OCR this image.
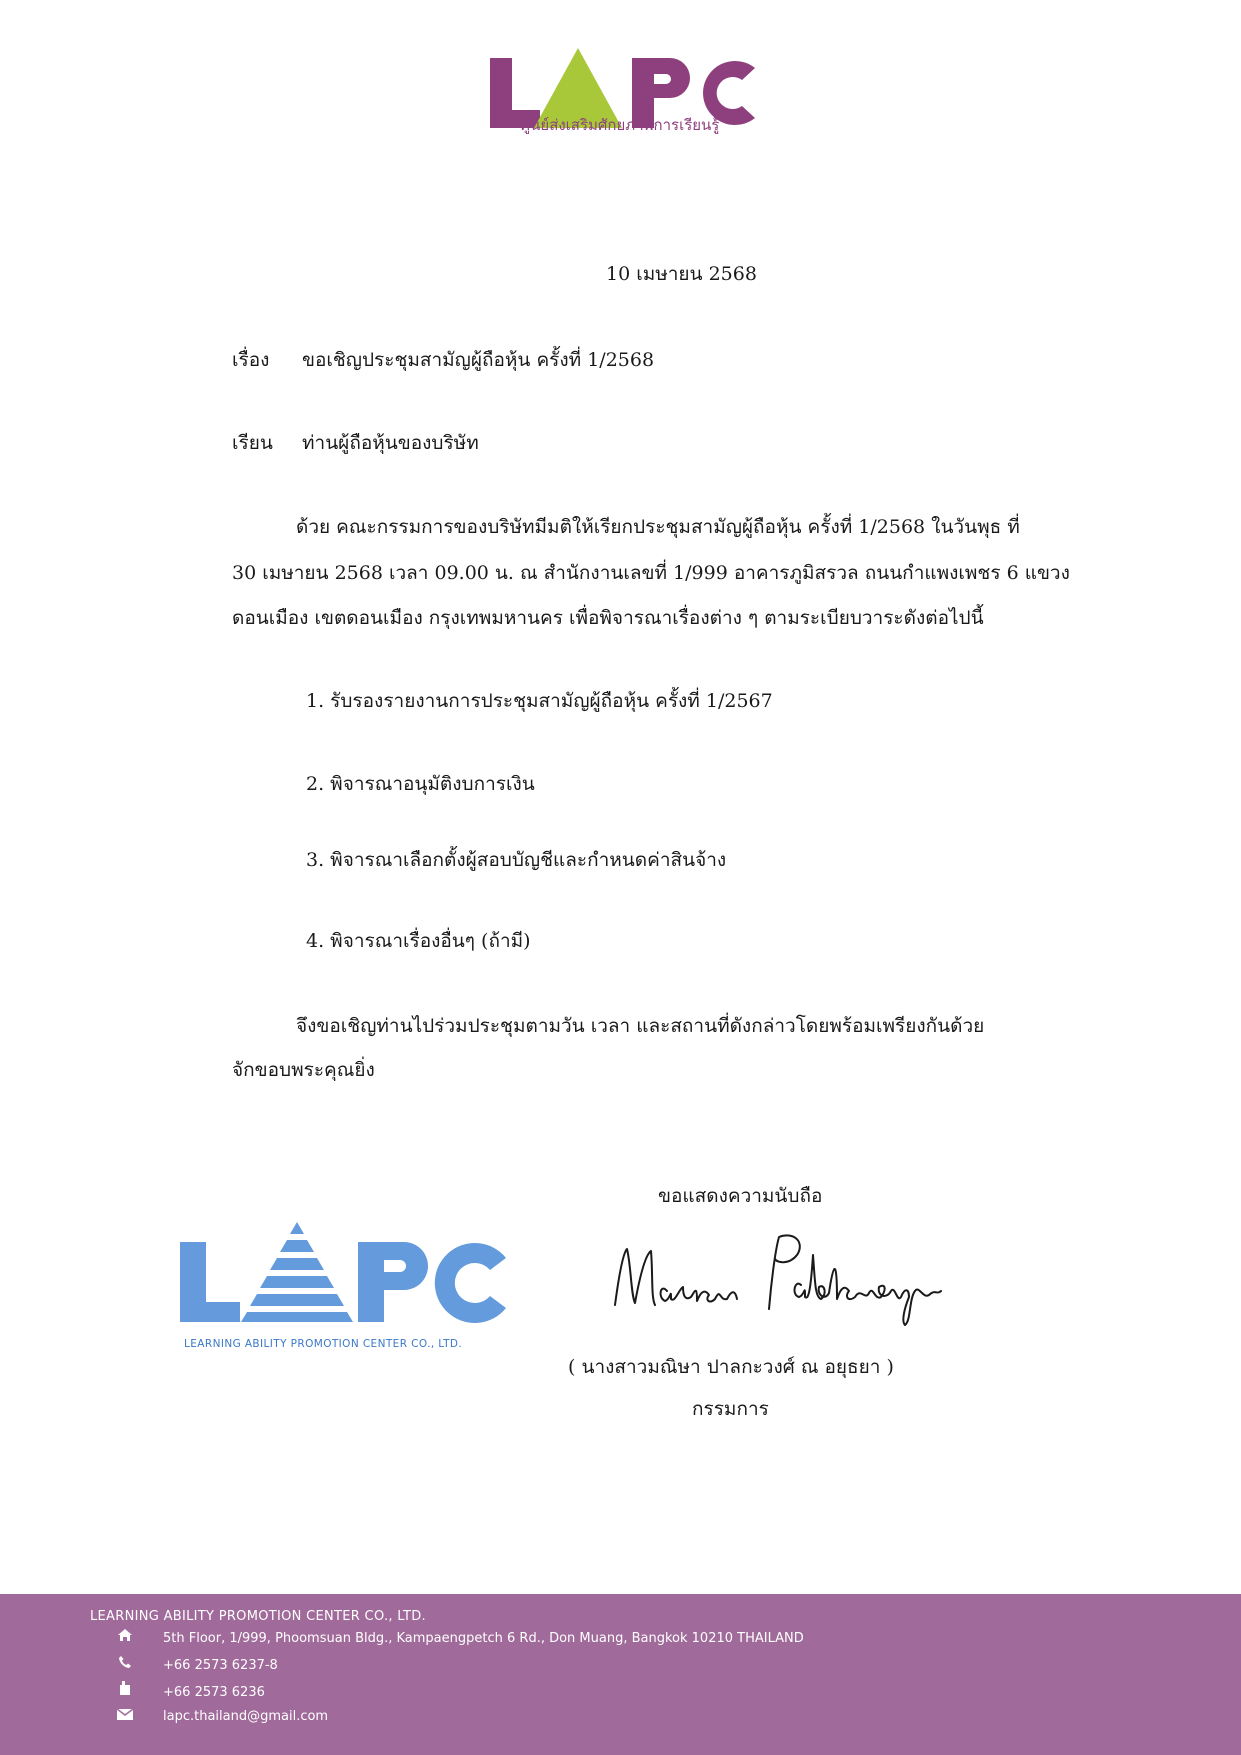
ศูนย์ส่งเสริมศักยภาพการเรียนรู้
10 เมษายน 2568
เรื่อง ขอเชิญประชุมสามัญผู้ถือหุ้น ครั้งที่ 1/2568
เรียน ท่านผู้ถือหุ้นของบริษัท
ด้วย คณะกรรมการของบริษัทมีมติให้เรียกประชุมสามัญผู้ถือหุ้น ครั้งที่ 1/2568 ในวันพุธ ที่
30 เมษายน 2568 เวลา 09.00 น. ณ สำนักงานเลขที่ 1/999 อาคารภูมิสรวล ถนนกำแพงเพชร 6 แขวง
ดอนเมือง เขตดอนเมือง กรุงเทพมหานคร เพื่อพิจารณาเรื่องต่าง ๆ ตามระเบียบวาระดังต่อไปนี้
1. รับรองรายงานการประชุมสามัญผู้ถือหุ้น ครั้งที่ 1/2567
2. พิจารณาอนุมัติงบการเงิน
3. พิจารณาเลือกตั้งผู้สอบบัญชีและกำหนดค่าสินจ้าง
4. พิจารณาเรื่องอื่นๆ (ถ้ามี)
จึงขอเชิญท่านไปร่วมประชุมตามวัน เวลา และสถานที่ดังกล่าวโดยพร้อมเพรียงกันด้วย
จักขอบพระคุณยิ่ง
ขอแสดงความนับถือ
LEARNING ABILITY PROMOTION CENTER CO., LTD.
( นางสาวมณิษา ปาลกะวงศ์ ณ อยุธยา )
กรรมการ
LEARNING ABILITY PROMOTION CENTER CO., LTD.
5th Floor, 1/999, Phoomsuan Bldg., Kampaengpetch 6 Rd., Don Muang, Bangkok 10210 THAILAND
+66 2573 6237-8
+66 2573 6236
lapc.thailand@gmail.com
